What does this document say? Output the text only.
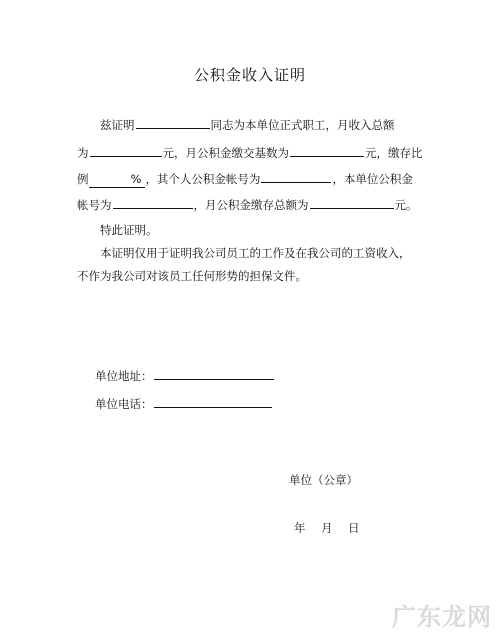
公积金收入证明
兹证明	同志为本单位正式职工，月收入总额
为	元，月公积金缴交基数为	元，缴存比
例	% ，其个人公积金帐号为	，本单位公积金
帐号为	，月公积金缴存总额为	元。
特此证明。
本证明仅用于证明我公司员工的工作及在我公司的工资收入，
不作为我公司对该员工任何形势的担保文件。
单位地址：
单位电话：
单位（公章）
年　月　日
广东龙网
